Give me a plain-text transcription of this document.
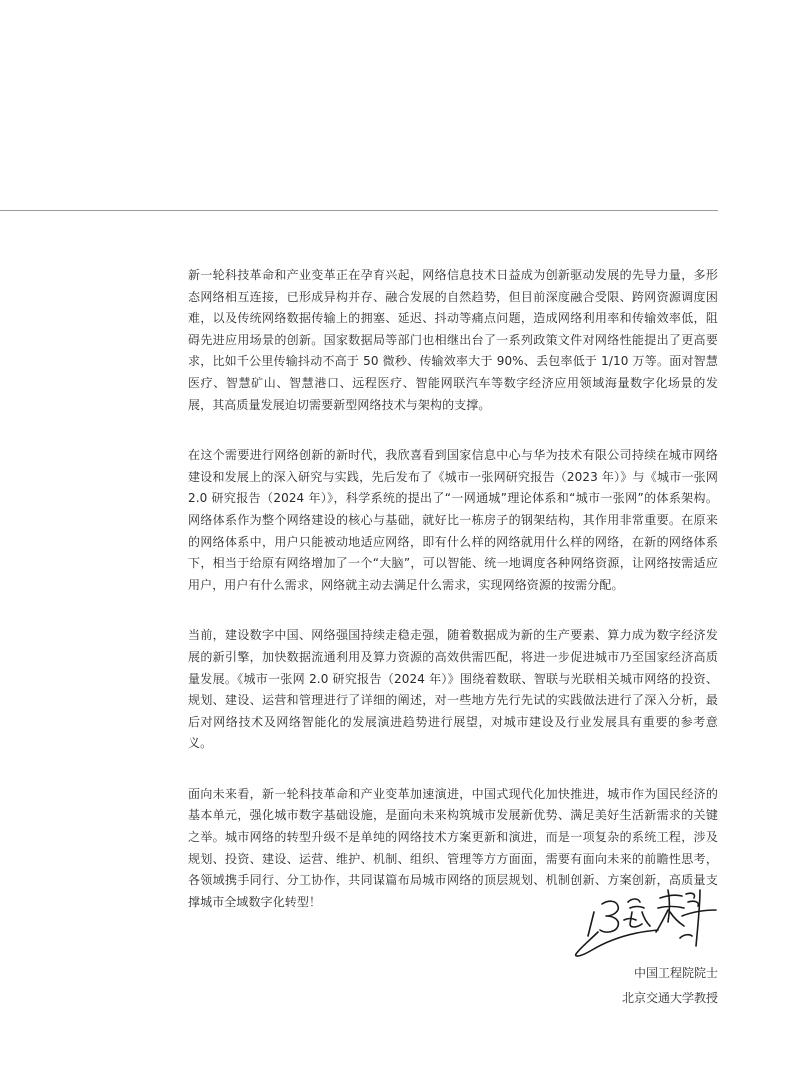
新一轮科技革命和产业变革正在孕育兴起，网络信息技术日益成为创新驱动发展的先导力量，多形态网络相互连接，已形成异构并存、融合发展的自然趋势，但目前深度融合受限、跨网资源调度困难，以及传统网络数据传输上的拥塞、延迟、抖动等痛点问题，造成网络利用率和传输效率低，阻碍先进应用场景的创新。国家数据局等部门也相继出台了一系列政策文件对网络性能提出了更高要求，比如千公里传输抖动不高于 50 微秒、传输效率大于 90%、丢包率低于 1/10 万等。面对智慧医疗、智慧矿山、智慧港口、远程医疗、智能网联汽车等数字经济应用领域海量数字化场景的发展，其高质量发展迫切需要新型网络技术与架构的支撑。

在这个需要进行网络创新的新时代，我欣喜看到国家信息中心与华为技术有限公司持续在城市网络建设和发展上的深入研究与实践，先后发布了《城市一张网研究报告（2023 年）》与《城市一张网 2.0 研究报告（2024 年）》，科学系统的提出了“一网通城”理论体系和“城市一张网”的体系架构。网络体系作为整个网络建设的核心与基础，就好比一栋房子的钢架结构，其作用非常重要。在原来的网络体系中，用户只能被动地适应网络，即有什么样的网络就用什么样的网络，在新的网络体系下，相当于给原有网络增加了一个“大脑”，可以智能、统一地调度各种网络资源，让网络按需适应用户，用户有什么需求，网络就主动去满足什么需求，实现网络资源的按需分配。

当前，建设数字中国、网络强国持续走稳走强，随着数据成为新的生产要素、算力成为数字经济发展的新引擎，加快数据流通利用及算力资源的高效供需匹配，将进一步促进城市乃至国家经济高质量发展。《城市一张网 2.0 研究报告（2024 年）》围绕着数联、智联与光联相关城市网络的投资、规划、建设、运营和管理进行了详细的阐述，对一些地方先行先试的实践做法进行了深入分析，最后对网络技术及网络智能化的发展演进趋势进行展望，对城市建设及行业发展具有重要的参考意义。

面向未来看，新一轮科技革命和产业变革加速演进，中国式现代化加快推进，城市作为国民经济的基本单元，强化城市数字基础设施，是面向未来构筑城市发展新优势、满足美好生活新需求的关键之举。城市网络的转型升级不是单纯的网络技术方案更新和演进，而是一项复杂的系统工程，涉及规划、投资、建设、运营、维护、机制、组织、管理等方方面面，需要有面向未来的前瞻性思考，各领域携手同行、分工协作，共同谋篇布局城市网络的顶层规划、机制创新、方案创新，高质量支撑城市全域数字化转型！

中国工程院院士
北京交通大学教授
